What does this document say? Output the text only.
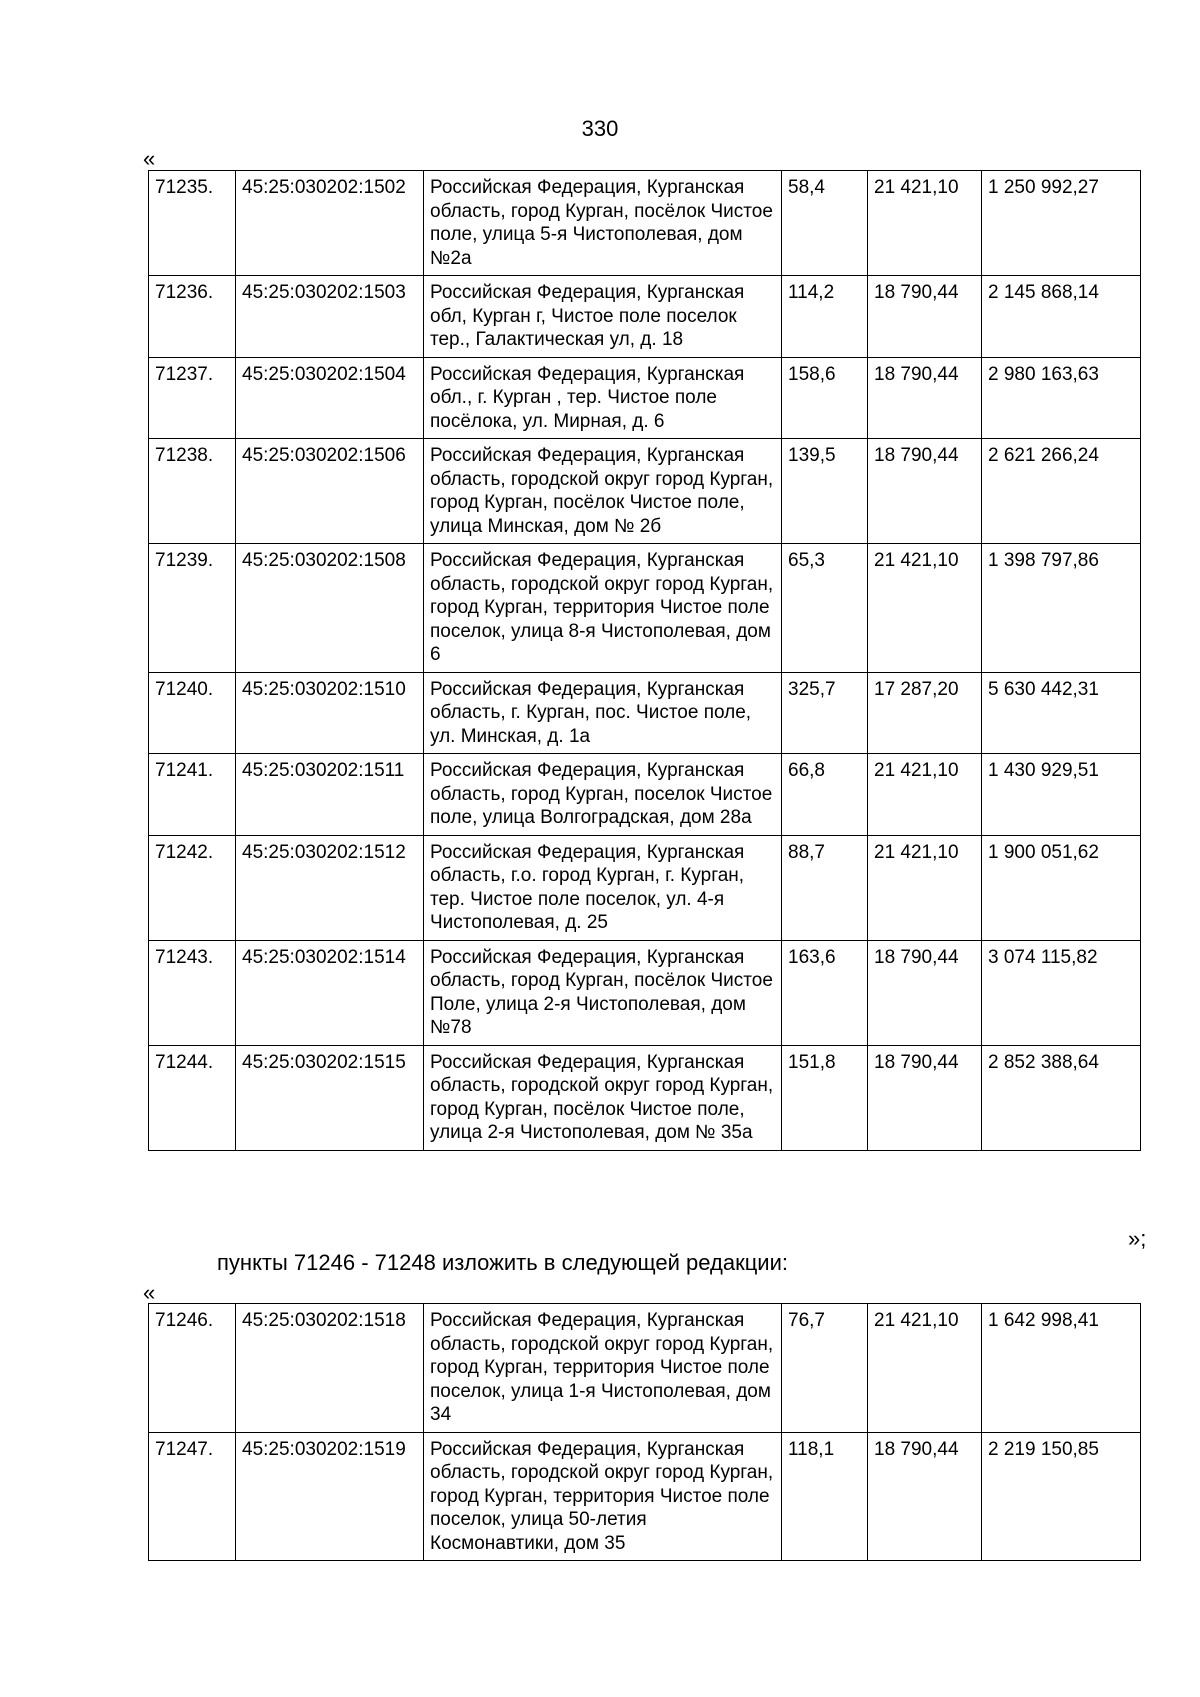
330
«
71235.	45:25:030202:1502	Российская Федерация, Курганская область, город Курган, посёлок Чистое поле, улица 5-я Чистополевая, дом №2а	58,4	21 421,10	1 250 992,27
71236.	45:25:030202:1503	Российская Федерация, Курганская обл, Курган г, Чистое поле поселок тер., Галактическая ул, д. 18	114,2	18 790,44	2 145 868,14
71237.	45:25:030202:1504	Российская Федерация, Курганская обл., г. Курган , тер. Чистое поле посёлока, ул. Мирная, д. 6	158,6	18 790,44	2 980 163,63
71238.	45:25:030202:1506	Российская Федерация, Курганская область, городской округ город Курган, город Курган, посёлок Чистое поле, улица Минская, дом № 2б	139,5	18 790,44	2 621 266,24
71239.	45:25:030202:1508	Российская Федерация, Курганская область, городской округ город Курган, город Курган, территория Чистое поле поселок, улица 8-я Чистополевая, дом 6	65,3	21 421,10	1 398 797,86
71240.	45:25:030202:1510	Российская Федерация, Курганская область, г. Курган, пос. Чистое поле, ул. Минская, д. 1а	325,7	17 287,20	5 630 442,31
71241.	45:25:030202:1511	Российская Федерация, Курганская область, город Курган, поселок Чистое поле, улица Волгоградская, дом 28а	66,8	21 421,10	1 430 929,51
71242.	45:25:030202:1512	Российская Федерация, Курганская область, г.о. город Курган, г. Курган, тер. Чистое поле поселок, ул. 4-я Чистополевая, д. 25	88,7	21 421,10	1 900 051,62
71243.	45:25:030202:1514	Российская Федерация, Курганская область, город Курган, посёлок Чистое Поле, улица 2-я Чистополевая, дом №78	163,6	18 790,44	3 074 115,82
71244.	45:25:030202:1515	Российская Федерация, Курганская область, городской округ город Курган, город Курган, посёлок Чистое поле, улица 2-я Чистополевая, дом № 35а	151,8	18 790,44	2 852 388,64
»;
пункты 71246 - 71248 изложить в следующей редакции:
«
71246.	45:25:030202:1518	Российская Федерация, Курганская область, городской округ город Курган, город Курган, территория Чистое поле поселок, улица 1-я Чистополевая, дом 34	76,7	21 421,10	1 642 998,41
71247.	45:25:030202:1519	Российская Федерация, Курганская область, городской округ город Курган, город Курган, территория Чистое поле поселок, улица 50-летия Космонавтики, дом 35	118,1	18 790,44	2 219 150,85
